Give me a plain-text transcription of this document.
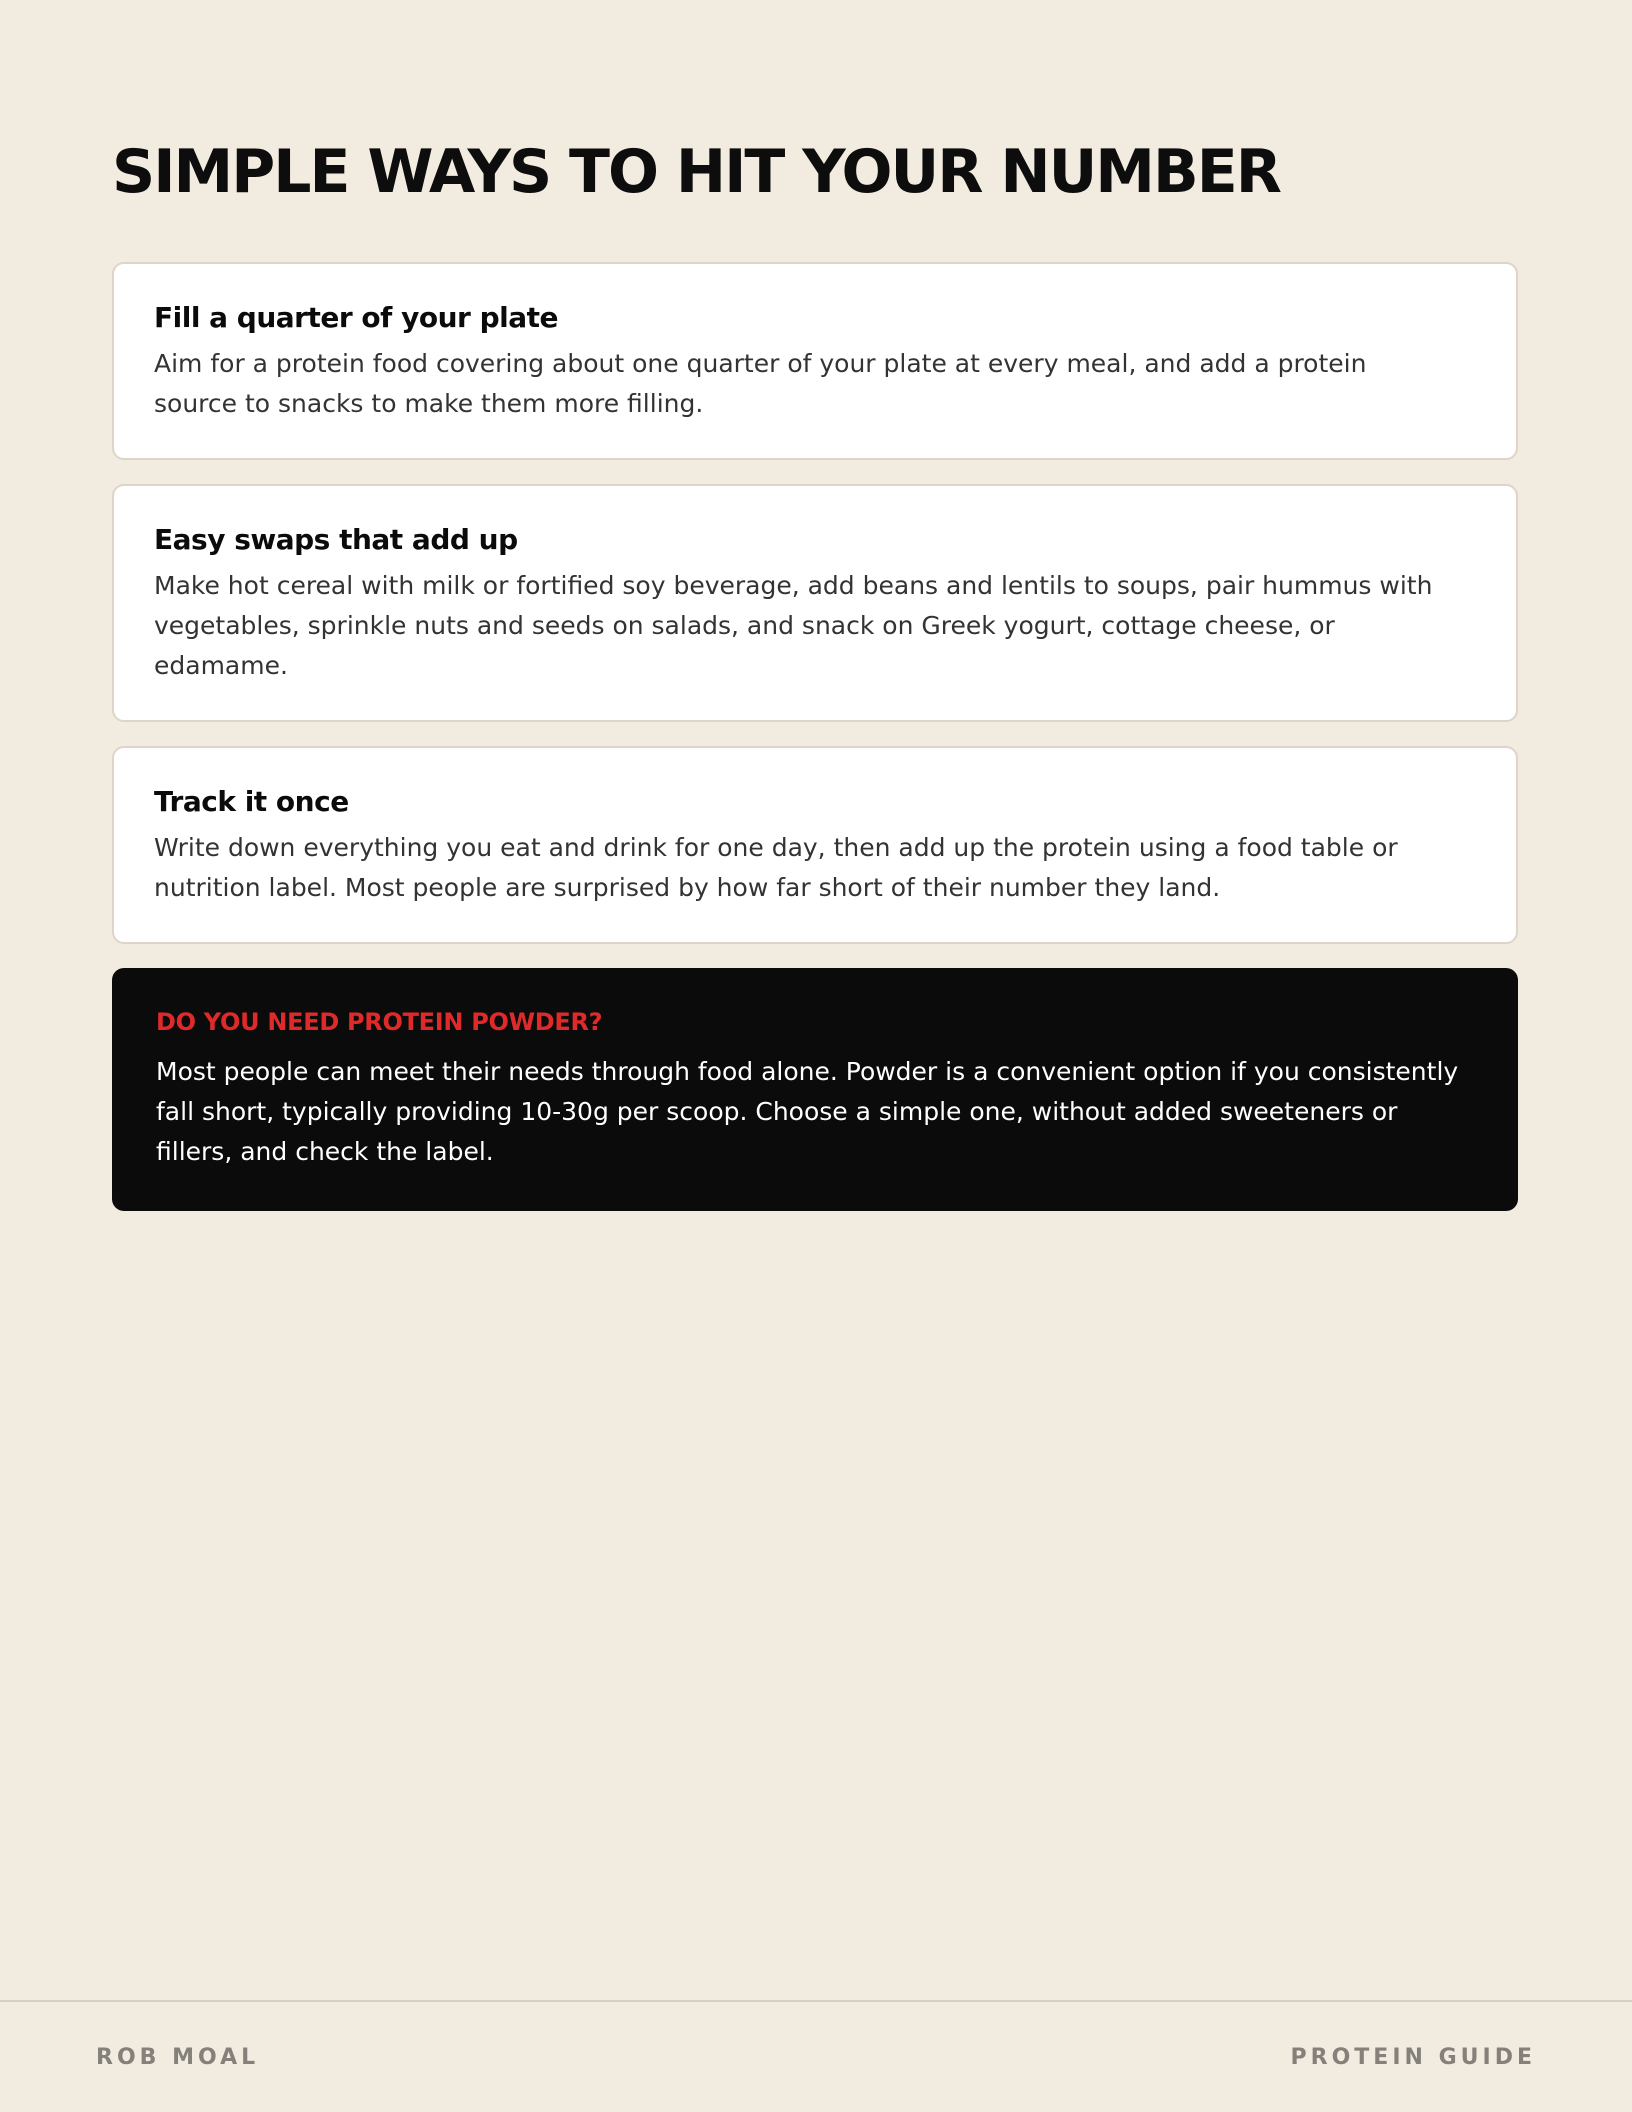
SIMPLE WAYS TO HIT YOUR NUMBER
Fill a quarter of your plate

Aim for a protein food covering about one quarter of your plate at every meal, and add a protein source to snacks to make them more filling.

Easy swaps that add up

Make hot cereal with milk or fortified soy beverage, add beans and lentils to soups, pair hummus with vegetables, sprinkle nuts and seeds on salads, and snack on Greek yogurt, cottage cheese, or edamame.

Track it once

Write down everything you eat and drink for one day, then add up the protein using a food table or nutrition label. Most people are surprised by how far short of their number they land.

DO YOU NEED PROTEIN POWDER?

Most people can meet their needs through food alone. Powder is a convenient option if you consistently fall short, typically providing 10-30g per scoop. Choose a simple one, without added sweeteners or fillers, and check the label.

ROB MOAL	PROTEIN GUIDE
